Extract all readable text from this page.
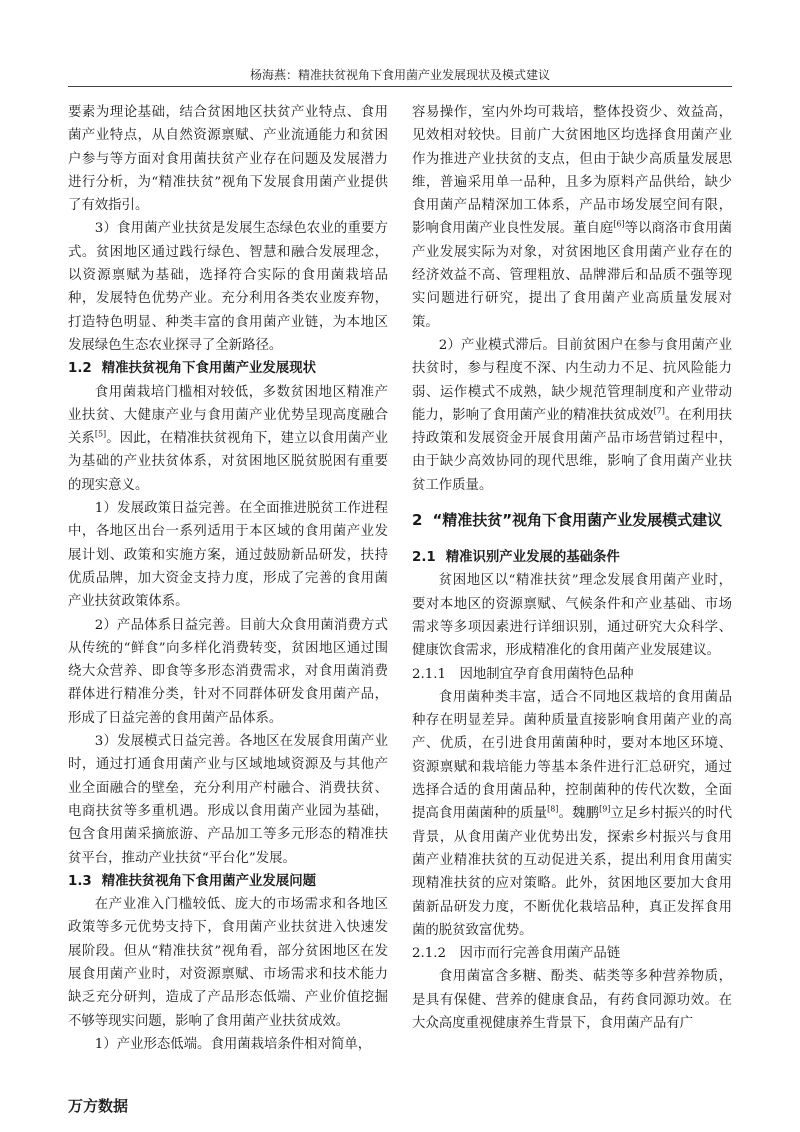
杨海燕：精准扶贫视角下食用菌产业发展现状及模式建议

要素为理论基础，结合贫困地区扶贫产业特点、食用菌产业特点，从自然资源禀赋、产业流通能力和贫困户参与等方面对食用菌扶贫产业存在问题及发展潜力进行分析，为“精准扶贫”视角下发展食用菌产业提供了有效指引。

3）食用菌产业扶贫是发展生态绿色农业的重要方式。贫困地区通过践行绿色、智慧和融合发展理念，以资源禀赋为基础，选择符合实际的食用菌栽培品种，发展特色优势产业。充分利用各类农业废弃物，打造特色明显、种类丰富的食用菌产业链，为本地区发展绿色生态农业探寻了全新路径。

1.2 精准扶贫视角下食用菌产业发展现状

食用菌栽培门槛相对较低，多数贫困地区精准产业扶贫、大健康产业与食用菌产业优势呈现高度融合关系[5]。因此，在精准扶贫视角下，建立以食用菌产业为基础的产业扶贫体系，对贫困地区脱贫脱困有重要的现实意义。

1）发展政策日益完善。在全面推进脱贫工作进程中，各地区出台一系列适用于本区域的食用菌产业发展计划、政策和实施方案，通过鼓励新品研发，扶持优质品牌，加大资金支持力度，形成了完善的食用菌产业扶贫政策体系。

2）产品体系日益完善。目前大众食用菌消费方式从传统的“鲜食”向多样化消费转变，贫困地区通过围绕大众营养、即食等多形态消费需求，对食用菌消费群体进行精准分类，针对不同群体研发食用菌产品，形成了日益完善的食用菌产品体系。

3）发展模式日益完善。各地区在发展食用菌产业时，通过打通食用菌产业与区域地域资源及与其他产业全面融合的壁垒，充分利用产村融合、消费扶贫、电商扶贫等多重机遇。形成以食用菌产业园为基础，包含食用菌采摘旅游、产品加工等多元形态的精准扶贫平台，推动产业扶贫“平台化”发展。

1.3 精准扶贫视角下食用菌产业发展问题

在产业准入门槛较低、庞大的市场需求和各地区政策等多元优势支持下，食用菌产业扶贫进入快速发展阶段。但从“精准扶贫”视角看，部分贫困地区在发展食用菌产业时，对资源禀赋、市场需求和技术能力缺乏充分研判，造成了产品形态低端、产业价值挖掘不够等现实问题，影响了食用菌产业扶贫成效。

1）产业形态低端。食用菌栽培条件相对简单，

容易操作，室内外均可栽培，整体投资少、效益高，见效相对较快。目前广大贫困地区均选择食用菌产业作为推进产业扶贫的支点，但由于缺少高质量发展思维，普遍采用单一品种，且多为原料产品供给，缺少食用菌产品精深加工体系，产品市场发展空间有限，影响食用菌产业良性发展。董自庭[6]等以商洛市食用菌产业发展实际为对象，对贫困地区食用菌产业存在的经济效益不高、管理粗放、品牌滞后和品质不强等现实问题进行研究，提出了食用菌产业高质量发展对策。

2）产业模式滞后。目前贫困户在参与食用菌产业扶贫时，参与程度不深、内生动力不足、抗风险能力弱、运作模式不成熟，缺少规范管理制度和产业带动能力，影响了食用菌产业的精准扶贫成效[7]。在利用扶持政策和发展资金开展食用菌产品市场营销过程中，由于缺少高效协同的现代思维，影响了食用菌产业扶贫工作质量。

2 “精准扶贫”视角下食用菌产业发展模式建议
2.1 精准识别产业发展的基础条件

贫困地区以“精准扶贫”理念发展食用菌产业时，要对本地区的资源禀赋、气候条件和产业基础、市场需求等多项因素进行详细识别，通过研究大众科学、健康饮食需求，形成精准化的食用菌产业发展建议。

2.1.1　因地制宜孕育食用菌特色品种

食用菌种类丰富，适合不同地区栽培的食用菌品种存在明显差异。菌种质量直接影响食用菌产业的高产、优质，在引进食用菌菌种时，要对本地区环境、资源禀赋和栽培能力等基本条件进行汇总研究，通过选择合适的食用菌品种，控制菌种的传代次数，全面提高食用菌菌种的质量[8]。魏鹏[9]立足乡村振兴的时代背景，从食用菌产业优势出发，探索乡村振兴与食用菌产业精准扶贫的互动促进关系，提出利用食用菌实现精准扶贫的应对策略。此外，贫困地区要加大食用菌新品研发力度，不断优化栽培品种，真正发挥食用菌的脱贫致富优势。

2.1.2　因市而行完善食用菌产品链

食用菌富含多糖、酚类、萜类等多种营养物质，是具有保健、营养的健康食品，有药食同源功效。在大众高度重视健康养生背景下，食用菌产品有广

万方数据
